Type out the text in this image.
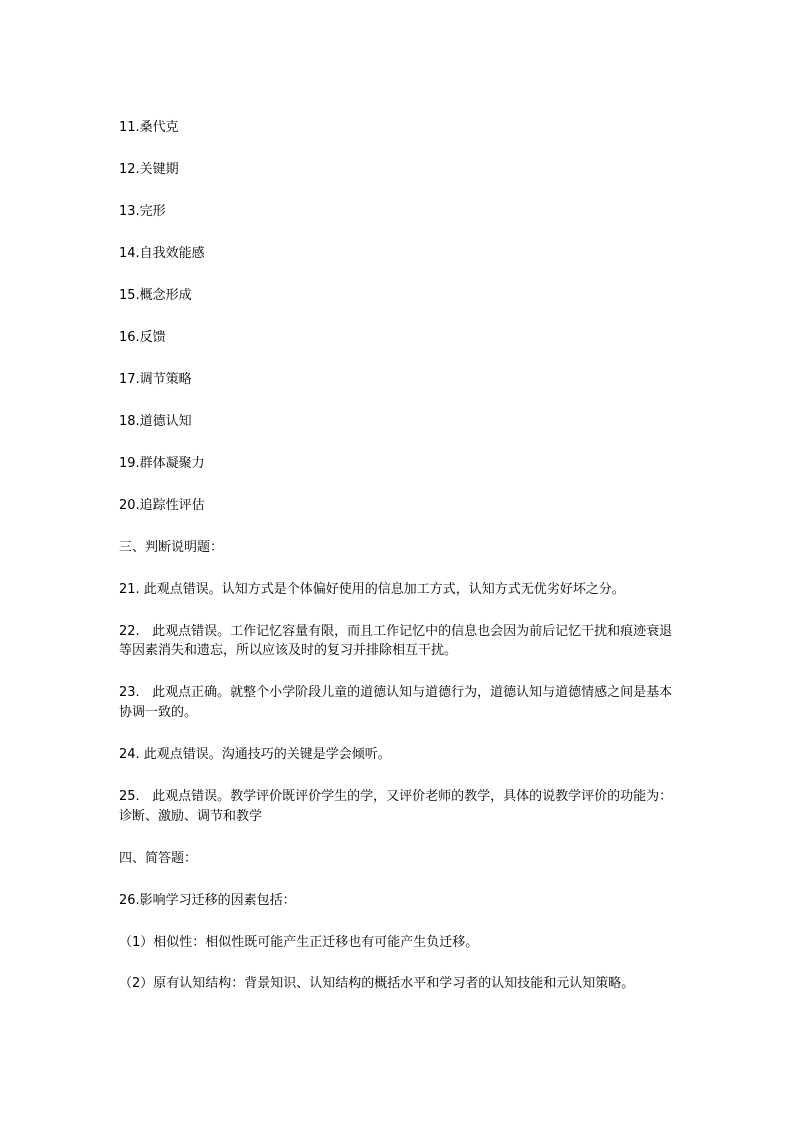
11.桑代克

12.关键期

13.完形

14.自我效能感

15.概念形成

16.反馈

17.调节策略

18.道德认知

19.群体凝聚力

20.追踪性评估

三、判断说明题：

21. 此观点错误。认知方式是个体偏好使用的信息加工方式，认知方式无优劣好坏之分。

22.   此观点错误。工作记忆容量有限，而且工作记忆中的信息也会因为前后记忆干扰和痕迹衰退等因素消失和遗忘，所以应该及时的复习并排除相互干扰。

23.   此观点正确。就整个小学阶段儿童的道德认知与道德行为，道德认知与道德情感之间是基本协调一致的。

24. 此观点错误。沟通技巧的关键是学会倾听。

25.   此观点错误。教学评价既评价学生的学，又评价老师的教学，具体的说教学评价的功能为：诊断、激励、调节和教学

四、简答题：

26.影响学习迁移的因素包括：

（1）相似性：相似性既可能产生正迁移也有可能产生负迁移。

（2）原有认知结构：背景知识、认知结构的概括水平和学习者的认知技能和元认知策略。
